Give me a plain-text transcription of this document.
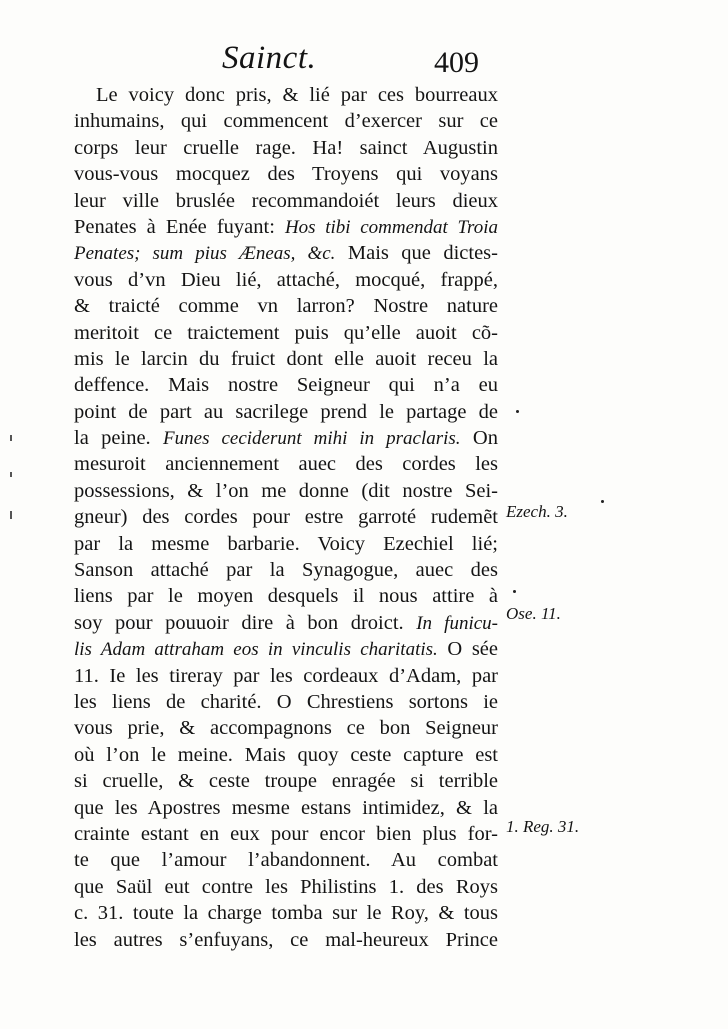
Sainct.	409
Le voicy donc pris, & lié par ces bourreaux
inhumains, qui commencent d’exercer sur ce
corps leur cruelle rage. Ha! sainct Augustin
vous-vous mocquez des Troyens qui voyans
leur ville bruslée recommandoiét leurs dieux
Penates à Enée fuyant: Hos tibi commendat Troia
Penates; sum pius Æneas, &c. Mais que dictes-
vous d’vn Dieu lié, attaché, mocqué, frappé,
& traicté comme vn larron? Nostre nature
meritoit ce traictement puis qu’elle auoit cõ-
mis le larcin du fruict dont elle auoit receu la
deffence. Mais nostre Seigneur qui n’a eu
point de part au sacrilege prend le partage de
la peine. Funes ceciderunt mihi in praclaris. On
mesuroit anciennement auec des cordes les
possessions, & l’on me donne (dit nostre Sei-
gneur) des cordes pour estre garroté rudemẽt
par la mesme barbarie. Voicy Ezechiel lié;
Sanson attaché par la Synagogue, auec des
liens par le moyen desquels il nous attire à
soy pour pouuoir dire à bon droict. In funicu-
lis Adam attraham eos in vinculis charitatis. O sée
11. Ie les tireray par les cordeaux d’Adam, par
les liens de charité. O Chrestiens sortons ie
vous prie, & accompagnons ce bon Seigneur
où l’on le meine. Mais quoy ceste capture est
si cruelle, & ceste troupe enragée si terrible
que les Apostres mesme estans intimidez, & la
crainte estant en eux pour encor bien plus for-
te que l’amour l’abandonnent. Au combat
que Saül eut contre les Philistins 1. des Roys
c. 31. toute la charge tomba sur le Roy, & tous
les autres s’enfuyans, ce mal-heureux Prince
Ezech. 3.
Ose. 11.
1. Reg. 31.
